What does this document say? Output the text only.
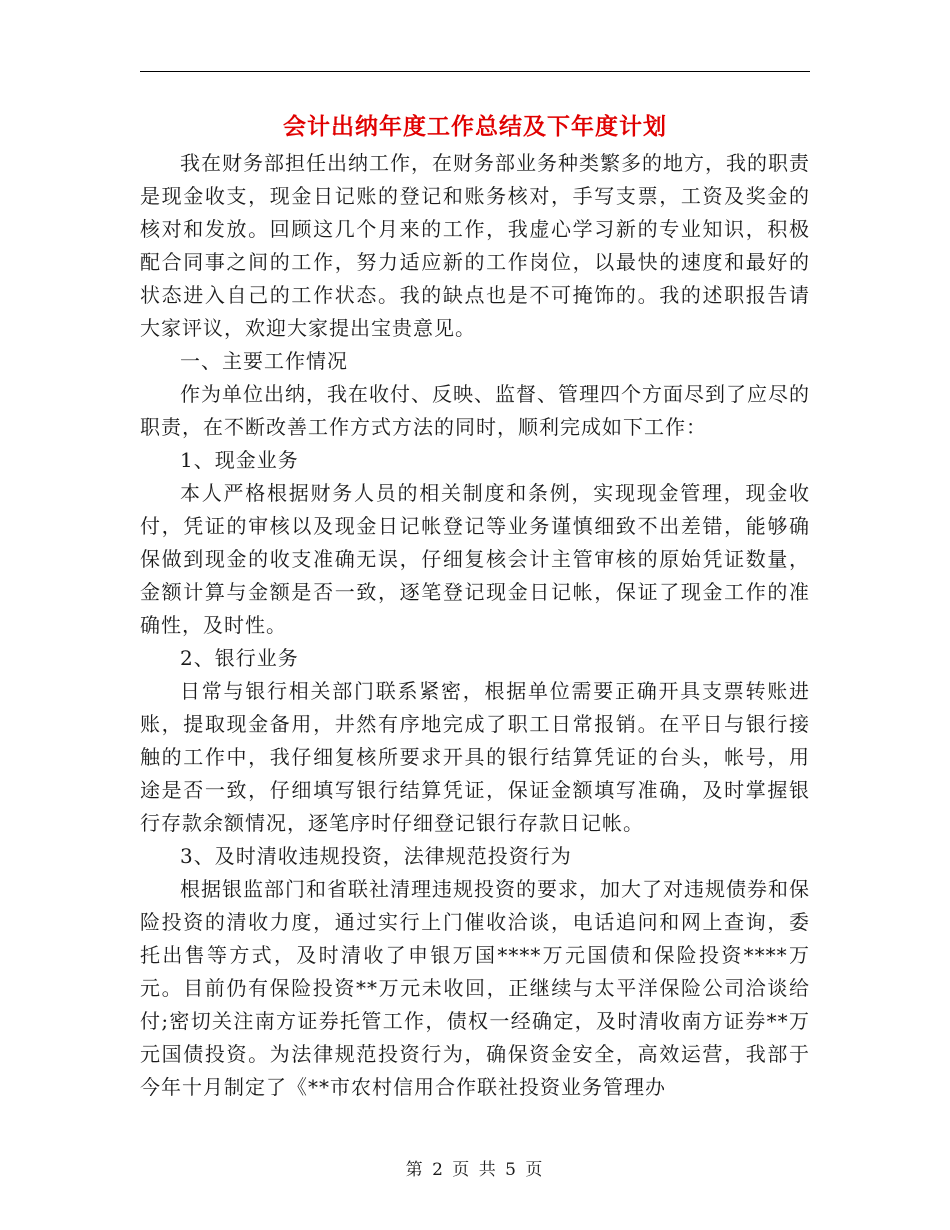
会计出纳年度工作总结及下年度计划

我在财务部担任出纳工作，在财务部业务种类繁多的地方，我的职责是现金收支，现金日记账的登记和账务核对，手写支票，工资及奖金的核对和发放。回顾这几个月来的工作，我虚心学习新的专业知识，积极配合同事之间的工作，努力适应新的工作岗位，以最快的速度和最好的状态进入自己的工作状态。我的缺点也是不可掩饰的。我的述职报告请大家评议，欢迎大家提出宝贵意见。

一、主要工作情况

作为单位出纳，我在收付、反映、监督、管理四个方面尽到了应尽的职责，在不断改善工作方式方法的同时，顺利完成如下工作：

1、现金业务

本人严格根据财务人员的相关制度和条例，实现现金管理，现金收付，凭证的审核以及现金日记帐登记等业务谨慎细致不出差错，能够确保做到现金的收支准确无误，仔细复核会计主管审核的原始凭证数量，金额计算与金额是否一致，逐笔登记现金日记帐，保证了现金工作的准确性，及时性。

2、银行业务

日常与银行相关部门联系紧密，根据单位需要正确开具支票转账进账，提取现金备用，井然有序地完成了职工日常报销。在平日与银行接触的工作中，我仔细复核所要求开具的银行结算凭证的台头，帐号，用途是否一致，仔细填写银行结算凭证，保证金额填写准确，及时掌握银行存款余额情况，逐笔序时仔细登记银行存款日记帐。

3、及时清收违规投资，法律规范投资行为

根据银监部门和省联社清理违规投资的要求，加大了对违规债券和保险投资的清收力度，通过实行上门催收洽谈，电话追问和网上查询，委托出售等方式，及时清收了申银万国****万元国债和保险投资****万元。目前仍有保险投资**万元未收回，正继续与太平洋保险公司洽谈给付;密切关注南方证券托管工作，债权一经确定，及时清收南方证券**万元国债投资。为法律规范投资行为，确保资金安全，高效运营，我部于今年十月制定了《**市农村信用合作联社投资业务管理办

第 2 页 共 5 页
